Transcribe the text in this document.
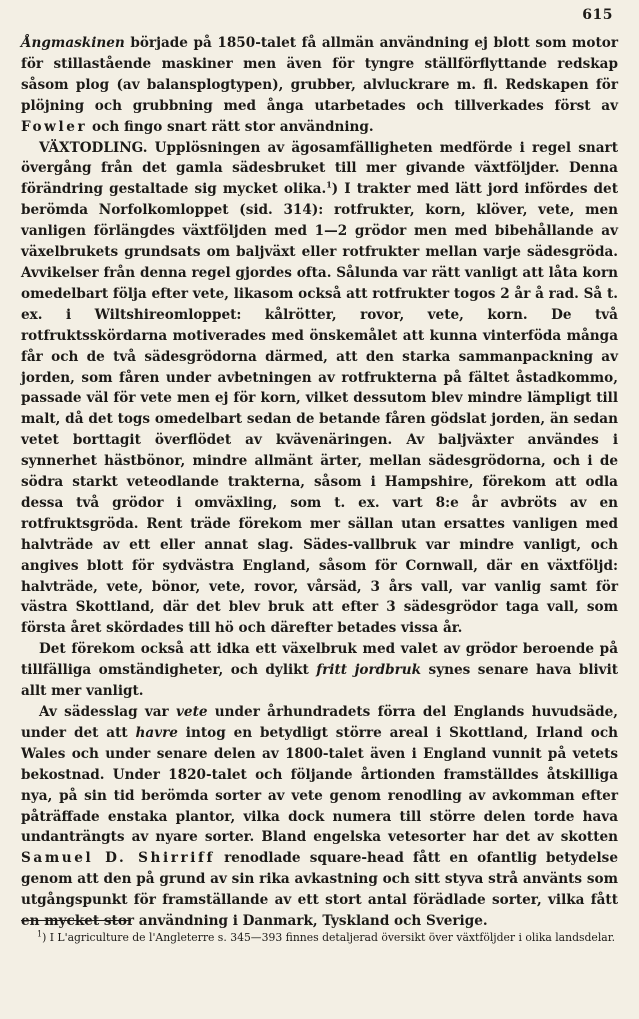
615

Ångmaskinen började på 1850-talet få allmän användning ej blott som motor för stillastående maskiner men även för tyngre ställförflyttande redskap såsom plog (av balansplogtypen), grubber, alvluckrare m. fl. Redskapen för plöjning och grubbning med ånga utarbetades och tillverkades först av Fowler och fingo snart rätt stor användning.

VÄXTODLING. Upplösningen av ägosamfälligheten medförde i regel snart övergång från det gamla sädesbruket till mer givande växtföljder. Denna förändring gestaltade sig mycket olika.$^1$) I trakter med lätt jord infördes det berömda Norfolkomloppet (sid. 314): rotfrukter, korn, klöver, vete, men vanligen förlängdes växtföljden med 1—2 grödor men med bibehållande av växelbrukets grundsats om baljväxt eller rotfrukter mellan varje sädesgröda. Avvikelser från denna regel gjordes ofta. Sålunda var rätt vanligt att låta korn omedelbart följa efter vete, likasom också att rotfrukter togos 2 år å rad. Så t. ex. i Wiltshireomloppet: kålrötter, rovor, vete, korn. De två rotfruktsskördarna motiverades med önskemålet att kunna vinterföda många får och de två sädesgrödorna därmed, att den starka sammanpackning av jorden, som fåren under avbetningen av rotfrukterna på fältet åstadkommo, passade väl för vete men ej för korn, vilket dessutom blev mindre lämpligt till malt, då det togs omedelbart sedan de betande fåren gödslat jorden, än sedan vetet borttagit överflödet av kvävenäringen. Av baljväxter användes i synnerhet hästbönor, mindre allmänt ärter, mellan sädesgrödorna, och i de södra starkt veteodlande trakterna, såsom i Hampshire, förekom att odla dessa två grödor i omväxling, som t. ex. vart 8:e år avbröts av en rotfruktsgröda. Rent träde förekom mer sällan utan ersattes vanligen med halvträde av ett eller annat slag. Sädes-vallbruk var mindre vanligt, och angives blott för sydvästra England, såsom för Cornwall, där en växtföljd: halvträde, vete, bönor, vete, rovor, vårsäd, 3 års vall, var vanlig samt för västra Skottland, där det blev bruk att efter 3 sädesgrödor taga vall, som första året skördades till hö och därefter betades vissa år.

Det förekom också att idka ett växelbruk med valet av grödor beroende på tillfälliga omständigheter, och dylikt fritt jordbruk synes senare hava blivit allt mer vanligt.

Av sädesslag var vete under århundradets förra del Englands huvudsäde, under det att havre intog en betydligt större areal i Skottland, Irland och Wales och under senare delen av 1800-talet även i England vunnit på vetets bekostnad. Under 1820-talet och följande årtionden framställdes åtskilliga nya, på sin tid berömda sorter av vete genom renodling av avkomman efter påträffade enstaka plantor, vilka dock numera till större delen torde hava undanträngts av nyare sorter. Bland engelska vetesorter har det av skotten Samuel D. Shirriff renodlade square-head fått en ofantlig betydelse genom att den på grund av sin rika avkastning och sitt styva strå använts som utgångspunkt för framställande av ett stort antal förädlade sorter, vilka fått en mycket stor användning i Danmark, Tyskland och Sverige.

$^1$) I L'agriculture de l'Angleterre s. 345—393 finnes detaljerad översikt över växtföljder i olika landsdelar.
